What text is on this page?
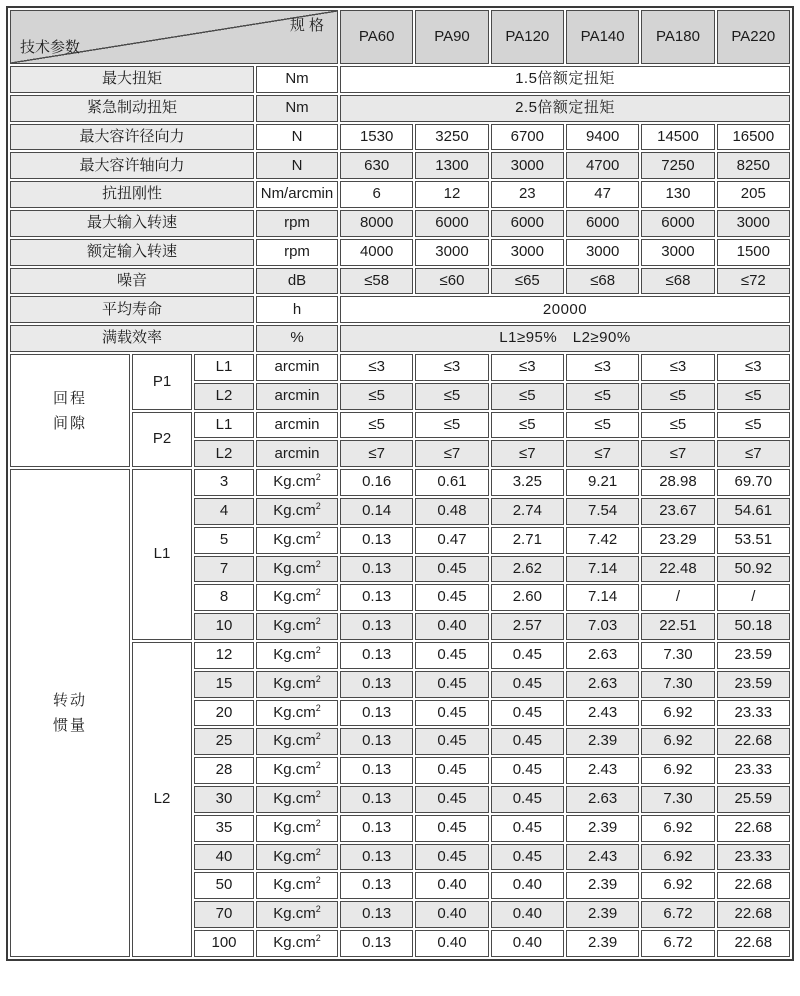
规 格
技术参数				PA60	PA90	PA120	PA140	PA180	PA220
最大扭矩			Nm	1.5倍额定扭矩					
紧急制动扭矩			Nm	2.5倍额定扭矩					
最大容许径向力			N	1530	3250	6700	9400	14500	16500
最大容许轴向力			N	630	1300	3000	4700	7250	8250
抗扭刚性			Nm/arcmin	6	12	23	47	130	205
最大输入转速			rpm	8000	6000	6000	6000	6000	3000
额定输入转速			rpm	4000	3000	3000	3000	3000	1500
噪音			dB	≤58	≤60	≤65	≤68	≤68	≤72
平均寿命			h	20000					
满载效率			%	L1≥95%　L2≥90%					

回程
间隙	P1	L1	arcmin	≤3	≤3	≤3	≤3	≤3	≤3
		L2	arcmin	≤5	≤5	≤5	≤5	≤5	≤5
	P2	L1	arcmin	≤5	≤5	≤5	≤5	≤5	≤5
		L2	arcmin	≤7	≤7	≤7	≤7	≤7	≤7

转动
惯量	L1	3	$Kg.cm^2$	0.16	0.61	3.25	9.21	28.98	69.70
		4	$Kg.cm^2$	0.14	0.48	2.74	7.54	23.67	54.61
		5	$Kg.cm^2$	0.13	0.47	2.71	7.42	23.29	53.51
		7	$Kg.cm^2$	0.13	0.45	2.62	7.14	22.48	50.92
		8	$Kg.cm^2$	0.13	0.45	2.60	7.14	/	/
		10	$Kg.cm^2$	0.13	0.40	2.57	7.03	22.51	50.18
	L2	12	$Kg.cm^2$	0.13	0.45	0.45	2.63	7.30	23.59
		15	$Kg.cm^2$	0.13	0.45	0.45	2.63	7.30	23.59
		20	$Kg.cm^2$	0.13	0.45	0.45	2.43	6.92	23.33
		25	$Kg.cm^2$	0.13	0.45	0.45	2.39	6.92	22.68
		28	$Kg.cm^2$	0.13	0.45	0.45	2.43	6.92	23.33
		30	$Kg.cm^2$	0.13	0.45	0.45	2.63	7.30	25.59
		35	$Kg.cm^2$	0.13	0.45	0.45	2.39	6.92	22.68
		40	$Kg.cm^2$	0.13	0.45	0.45	2.43	6.92	23.33
		50	$Kg.cm^2$	0.13	0.40	0.40	2.39	6.92	22.68
		70	$Kg.cm^2$	0.13	0.40	0.40	2.39	6.72	22.68
		100	$Kg.cm^2$	0.13	0.40	0.40	2.39	6.72	22.68
